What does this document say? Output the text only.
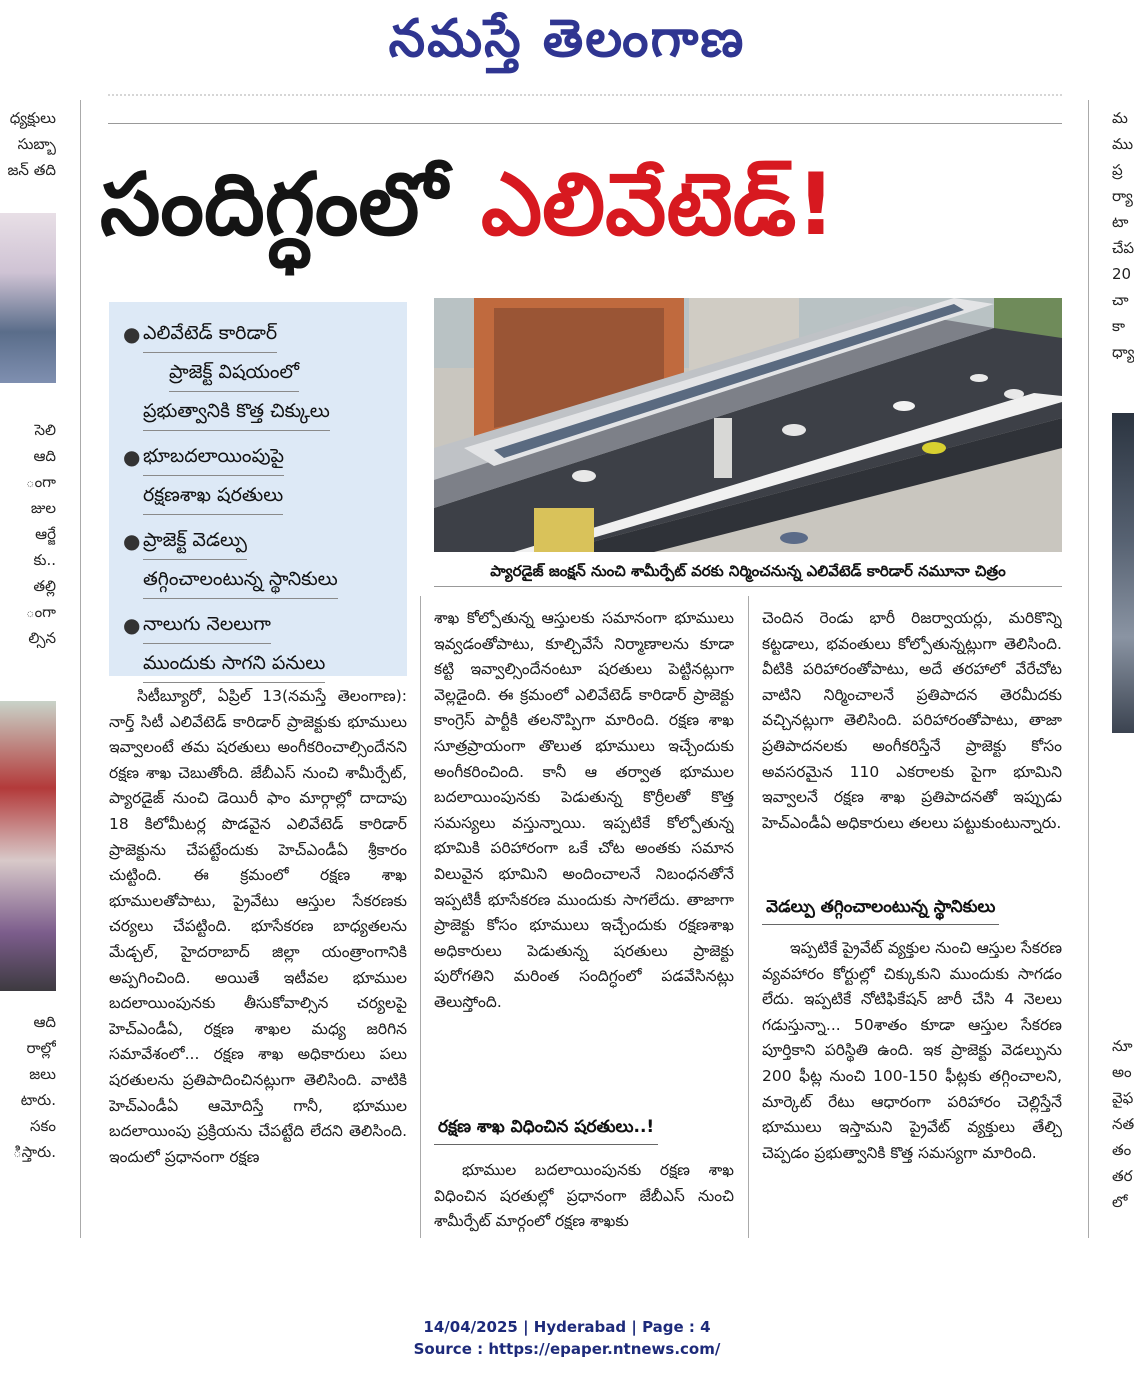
నమస్తే తెలంగాణ
సందిగ్ధంలో ఎలివేటెడ్!
ధ్యక్షులు
సుబ్బా
జన్ తది
సెలి
ఆది
ంగా
జుల
ఆర్జే
కు..
తల్లి
ంగా
ల్సిన
ఆది
రాల్లో
జలు
టారు.
సకం
ిస్తారు.
మ
ము
ప్ర
ర్యా
టా
చేప
20
చా
కా
ధ్యా
నూ
అం
వైఫ
నత
తం
తర
లో
● ఎలివేటెడ్ కారిడార్
ప్రాజెక్ట్ విషయంలో
ప్రభుత్వానికి కొత్త చిక్కులు
● భూబదలాయింపుపై
రక్షణశాఖ షరతులు
● ప్రాజెక్ట్ వెడల్పు
తగ్గించాలంటున్న స్థానికులు
● నాలుగు నెలలుగా
ముందుకు సాగని పనులు
ప్యారడైజ్ జంక్షన్ నుంచి శామీర్పేట్ వరకు నిర్మించనున్న ఎలివేటెడ్ కారిడార్ నమూనా చిత్రం

సిటీబ్యూరో, ఏప్రిల్ 13(నమస్తే తెలంగాణ): నార్త్ సిటీ ఎలివేటెడ్ కారిడార్ ప్రాజెక్టుకు భూములు ఇవ్వాలంటే తమ షరతులు అంగీకరించాల్సిందేనని రక్షణ శాఖ చెబుతోంది. జేబీఎస్ నుంచి శామీర్పేట్, ప్యారడైజ్ నుంచి డెయిరీ ఫాం మార్గాల్లో దాదాపు 18 కిలోమీటర్ల పొడవైన ఎలివేటెడ్ కారిడార్ ప్రాజెక్టును చేపట్టేందుకు హెచ్ఎండీఏ శ్రీకారం చుట్టింది. ఈ క్రమంలో రక్షణ శాఖ భూములతోపాటు, ప్రైవేటు ఆస్తుల సేకరణకు చర్యలు చేపట్టింది. భూసేకరణ బాధ్యతలను మేడ్చల్, హైదరాబాద్ జిల్లా యంత్రాంగానికి అప్పగించింది. అయితే ఇటీవల భూముల బదలాయింపునకు తీసుకోవాల్సిన చర్యలపై హెచ్ఎండీఏ, రక్షణ శాఖల మధ్య జరిగిన సమావేశంలో... రక్షణ శాఖ అధికారులు పలు షరతులను ప్రతిపాదించినట్లుగా తెలిసింది. వాటికి హెచ్ఎండీఏ ఆమోదిస్తే గానీ, భూముల బదలాయింపు ప్రక్రియను చేపట్టేది లేదని తెలిసింది. ఇందులో ప్రధానంగా రక్షణ

శాఖ కోల్పోతున్న ఆస్తులకు సమానంగా భూములు ఇవ్వడంతోపాటు, కూల్చివేసే నిర్మాణాలను కూడా కట్టి ఇవ్వాల్సిందేనంటూ షరతులు పెట్టినట్లుగా వెల్లడైంది. ఈ క్రమంలో ఎలివేటెడ్ కారిడార్ ప్రాజెక్టు కాంగ్రెస్ పార్టీకి తలనొప్పిగా మారింది. రక్షణ శాఖ సూత్రప్రాయంగా తొలుత భూములు ఇచ్చేందుకు అంగీకరించింది. కానీ ఆ తర్వాత భూముల బదలాయింపునకు పెడుతున్న కొర్రీలతో కొత్త సమస్యలు వస్తున్నాయి. ఇప్పటికే కోల్పోతున్న భూమికి పరిహారంగా ఒకే చోట అంతకు సమాన విలువైన భూమిని అందించాలనే నిబంధనతోనే ఇప్పటికీ భూసేకరణ ముందుకు సాగలేదు. తాజాగా ప్రాజెక్టు కోసం భూములు ఇచ్చేందుకు రక్షణశాఖ అధికారులు పెడుతున్న షరతులు ప్రాజెక్టు పురోగతిని మరింత సందిగ్ధంలో పడవేసినట్లు తెలుస్తోంది.

రక్షణ శాఖ విధించిన షరతులు..!

భూముల బదలాయింపునకు రక్షణ శాఖ విధించిన షరతుల్లో ప్రధానంగా జేబీఎస్ నుంచి శామీర్పేట్ మార్గంలో రక్షణ శాఖకు

చెందిన రెండు భారీ రిజర్వాయర్లు, మరికొన్ని కట్టడాలు, భవంతులు కోల్పోతున్నట్లుగా తెలిసింది. వీటికి పరిహారంతోపాటు, అదే తరహాలో వేరేచోట వాటిని నిర్మించాలనే ప్రతిపాదన తెరమీదకు వచ్చినట్లుగా తెలిసింది. పరిహారంతోపాటు, తాజా ప్రతిపాదనలకు అంగీకరిస్తేనే ప్రాజెక్టు కోసం అవసరమైన 110 ఎకరాలకు పైగా భూమిని ఇవ్వాలనే రక్షణ శాఖ ప్రతిపాదనతో ఇప్పుడు హెచ్ఎండీఏ అధికారులు తలలు పట్టుకుంటున్నారు.

వెడల్పు తగ్గించాలంటున్న స్థానికులు

ఇప్పటికే ప్రైవేట్ వ్యక్తుల నుంచి ఆస్తుల సేకరణ వ్యవహారం కోర్టుల్లో చిక్కుకుని ముందుకు సాగడం లేదు. ఇప్పటికే నోటిఫికేషన్ జారీ చేసి 4 నెలలు గడుస్తున్నా... 50శాతం కూడా ఆస్తుల సేకరణ పూర్తికాని పరిస్థితి ఉంది. ఇక ప్రాజెక్టు వెడల్పును 200 ఫీట్ల నుంచి 100-150 ఫీట్లకు తగ్గించాలని, మార్కెట్ రేటు ఆధారంగా పరిహారం చెల్లిస్తేనే భూములు ఇస్తామని ప్రైవేట్ వ్యక్తులు తేల్చి చెప్పడం ప్రభుత్వానికి కొత్త సమస్యగా మారింది.

14/04/2025 | Hyderabad | Page : 4
Source : https://epaper.ntnews.com/
